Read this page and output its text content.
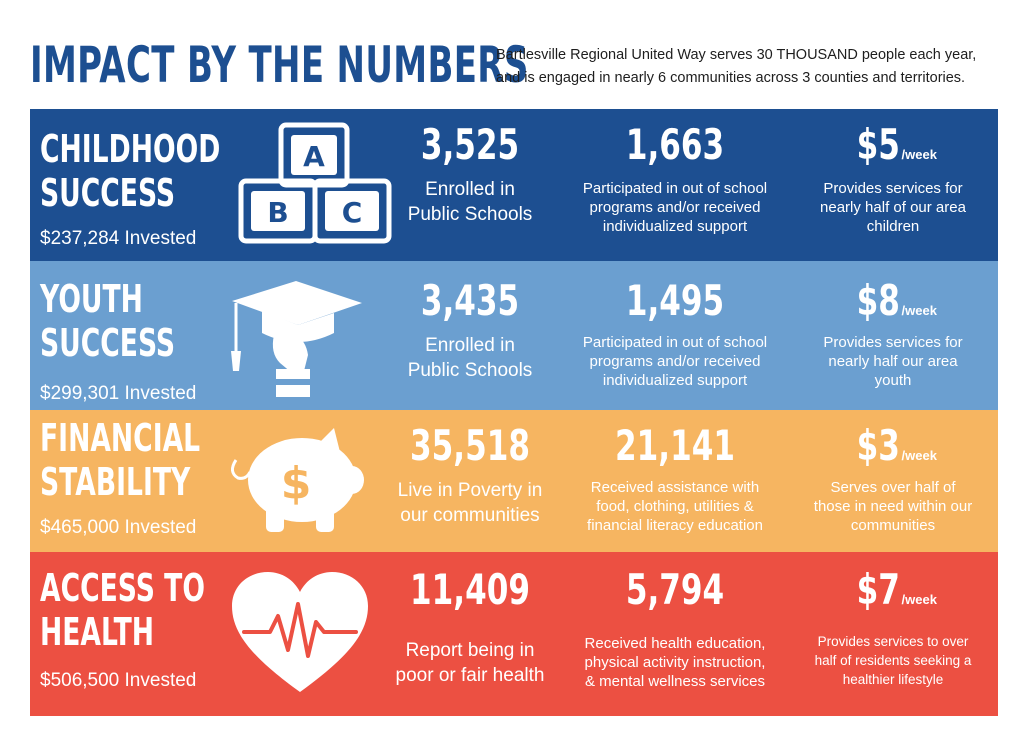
IMPACT BY THE NUMBERS
Bartlesville Regional United Way serves 30 THOUSAND people each year,
and is engaged in nearly 6 communities across 3 counties and territories.
CHILDHOOD
SUCCESS
$237,284 Invested
A
B C
3,525
Enrolled in
Public Schools
1,663
Participated in out of school
programs and/or received
individualized support
$5 /week
Provides services for
nearly half of our area
children
YOUTH
SUCCESS
$299,301 Invested
3,435
Enrolled in
Public Schools
1,495
Participated in out of school
programs and/or received
individualized support
$8 /week
Provides services for
nearly half our area
youth
FINANCIAL
STABILITY
$465,000 Invested
$
35,518
Live in Poverty in
our communities
21,141
Received assistance with
food, clothing, utilities &
financial literacy education
$3 /week
Serves over half of
those in need within our
communities
ACCESS TO
HEALTH
$506,500 Invested
11,409
Report being in
poor or fair health
5,794
Received health education,
physical activity instruction,
& mental wellness services
$7 /week
Provides services to over
half of residents seeking a
healthier lifestyle
